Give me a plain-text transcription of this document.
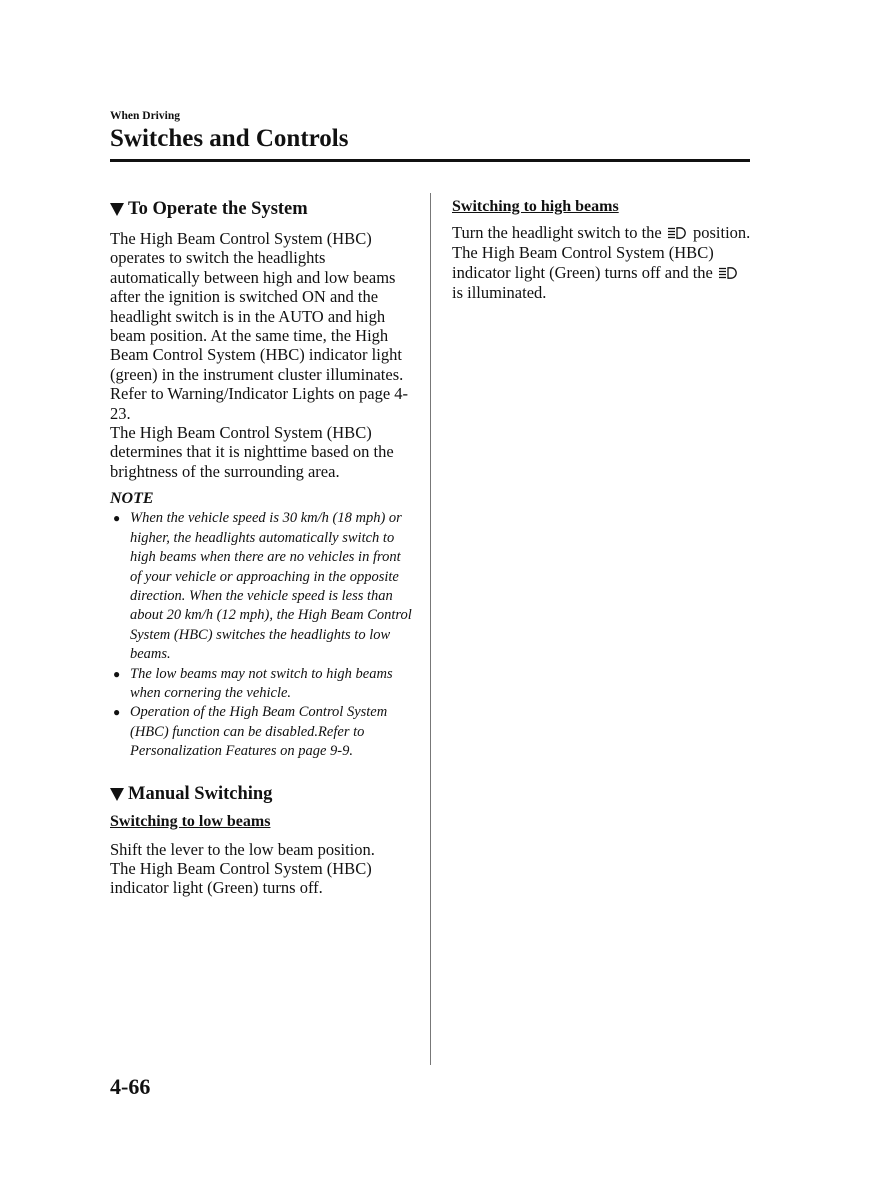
When Driving
Switches and Controls
To Operate the System

The High Beam Control System (HBC) operates to switch the headlights automatically between high and low beams after the ignition is switched ON and the headlight switch is in the AUTO and high beam position. At the same time, the High Beam Control System (HBC) indicator light (green) in the instrument cluster illuminates.

Refer to Warning/Indicator Lights on page 4-23.

The High Beam Control System (HBC) determines that it is nighttime based on the brightness of the surrounding area.

NOTE
● When the vehicle speed is 30 km/h (18 mph) or higher, the headlights automatically switch to high beams when there are no vehicles in front of your vehicle or approaching in the opposite direction. When the vehicle speed is less than about 20 km/h (12 mph), the High Beam Control System (HBC) switches the headlights to low beams.
● The low beams may not switch to high beams when cornering the vehicle.
● Operation of the High Beam Control System (HBC) function can be disabled.Refer to Personalization Features on page 9-9.
Manual Switching
Switching to low beams

Shift the lever to the low beam position.

The High Beam Control System (HBC) indicator light (Green) turns off.

Switching to high beams

Turn the headlight switch to the position.

The High Beam Control System (HBC) indicator light (Green) turns off and the  is illuminated.

4-66
